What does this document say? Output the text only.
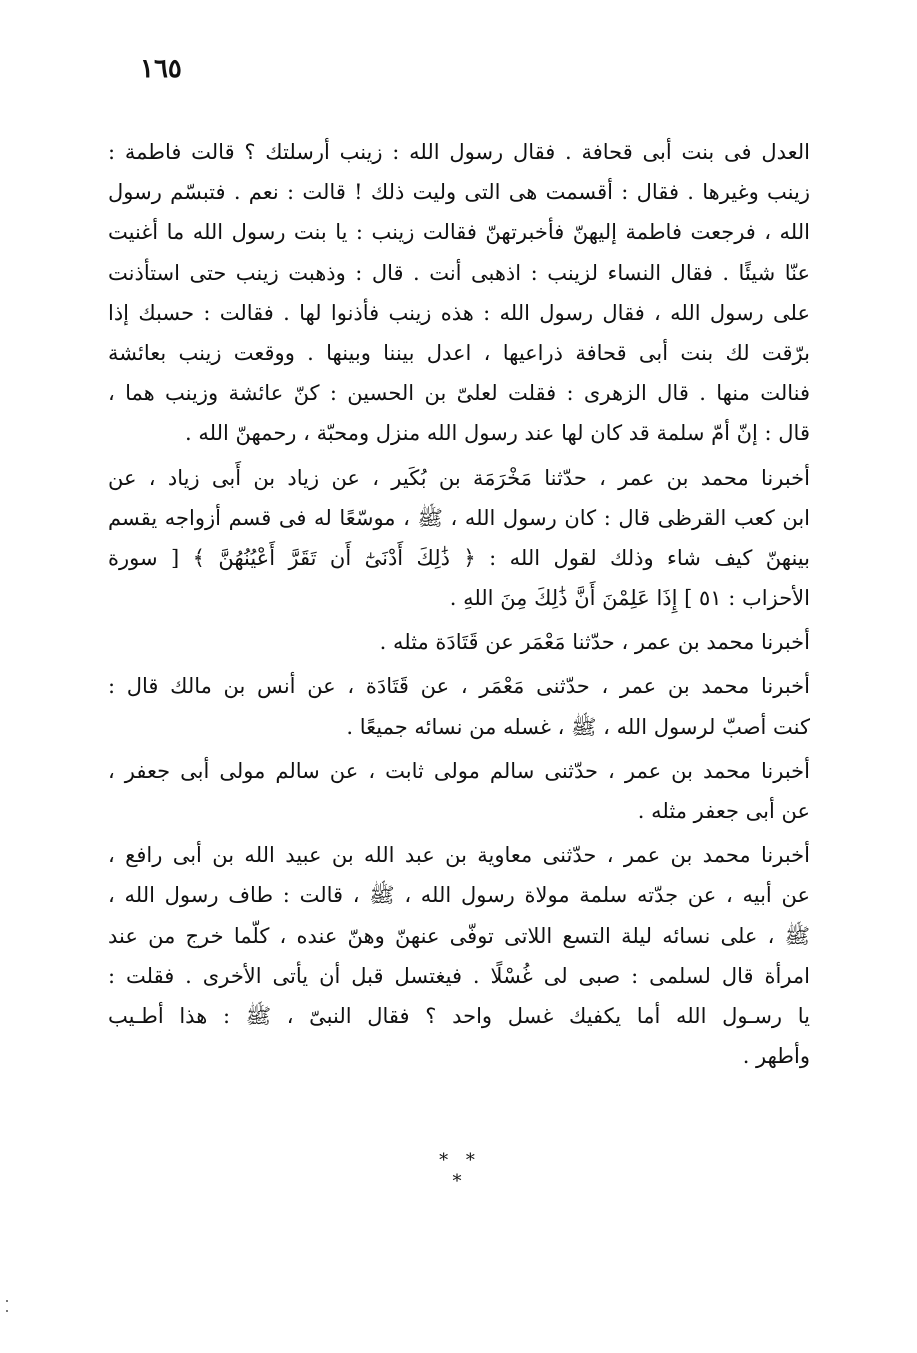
١٦٥
العدل فى بنت أبى قحافة . فقال رسول الله : زينب أرسلتك ؟ قالت فاطمة :
زينب وغيرها . فقال : أقسمت هى التى وليت ذلك ! قالت : نعم . فتبسّم رسول
الله ، فرجعت فاطمة إليهنّ فأخبرتهنّ فقالت زينب : يا بنت رسول الله ما أغنيت
عنّا شيئًا . فقال النساء لزينب : اذهبى أنت . قال : وذهبت زينب حتى استأذنت
على رسول الله ، فقال رسول الله : هذه زينب فأذنوا لها . فقالت : حسبك إذا
برّقت لك بنت أبى قحافة ذراعيها ، اعدل بيننا وبينها . ووقعت زينب بعائشة
فنالت منها . قال الزهرى : فقلت لعلىّ بن الحسين : كنّ عائشة وزينب هما ،
قال : إنّ أمّ سلمة قد كان لها عند رسول الله منزل ومحبّة ، رحمهنّ الله .
أخبرنا محمد بن عمر ، حدّثنا مَخْرَمَة بن بُكَير ، عن زياد بن أَبى زياد ، عن
ابن كعب القرظى قال : كان رسول الله ، ﷺ ، موسّعًا له فى قسم أزواجه يقسم
بينهنّ كيف شاء وذلك لقول الله : ﴿ ذَٰلِكَ أَدْنَىٰٓ أَن تَقَرَّ أَعْيُنُهُنَّ ﴾ [ سورة
الأحزاب : ٥١ ] إِذَا عَلِمْنَ أَنَّ ذَٰلِكَ مِنَ اللهِ .
أخبرنا محمد بن عمر ، حدّثنا مَعْمَر عن قَتَادَة مثله .
أخبرنا محمد بن عمر ، حدّثنى مَعْمَر ، عن قَتَادَة ، عن أنس بن مالك قال :
كنت أصبّ لرسول الله ، ﷺ ، غسله من نسائه جميعًا .
أخبرنا محمد بن عمر ، حدّثنى سالم مولى ثابت ، عن سالم مولى أبى جعفر ،
عن أبى جعفر مثله .
أخبرنا محمد بن عمر ، حدّثنى معاوية بن عبد الله بن عبيد الله بن أبى رافع ،
عن أبيه ، عن جدّته سلمة مولاة رسول الله ، ﷺ ، قالت : طاف رسول الله ،
ﷺ ، على نسائه ليلة التسع اللاتى توفّى عنهنّ وهنّ عنده ، كلّما خرج من عند
امرأة قال لسلمى : صبى لى غُسْلًا . فيغتسل قبل أن يأتى الأخرى . فقلت :
يا رسـول الله أما يكفيك غسل واحد ؟ فقال النبىّ ، ﷺ : هذا أطـيب
وأطهر .
* * *
